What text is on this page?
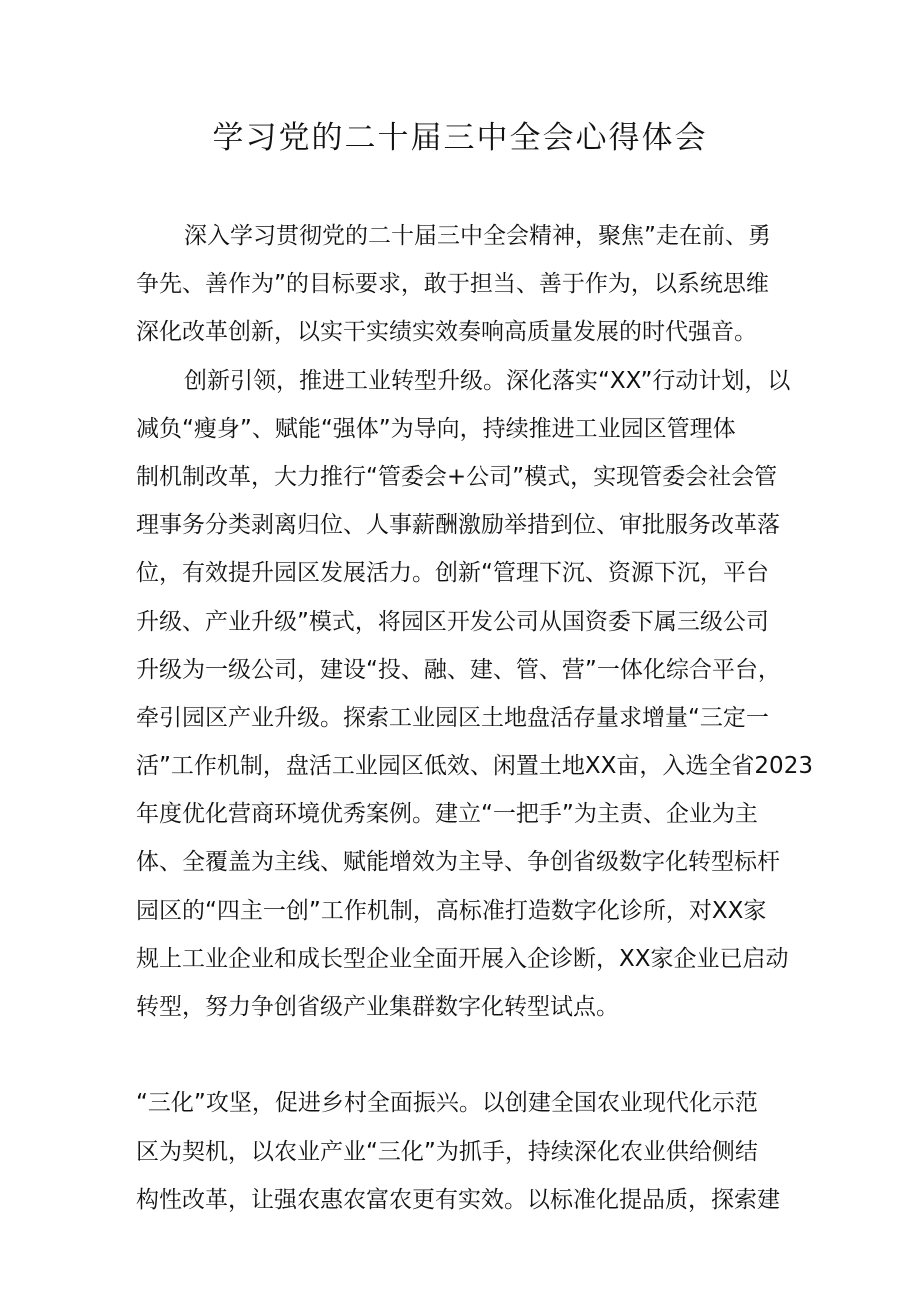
学习党的二十届三中全会心得体会

深入学习贯彻党的二十届三中全会精神，聚焦”走在前、勇
争先、善作为”的目标要求，敢于担当、善于作为，以系统思维
深化改革创新，以实干实绩实效奏响高质量发展的时代强音。

创新引领，推进工业转型升级。深化落实“XX”行动计划，以
减负“瘦身”、赋能“强体”为导向，持续推进工业园区管理体
制机制改革，大力推行“管委会+公司”模式，实现管委会社会管
理事务分类剥离归位、人事薪酬激励举措到位、审批服务改革落
位，有效提升园区发展活力。创新“管理下沉、资源下沉，平台
升级、产业升级”模式，将园区开发公司从国资委下属三级公司
升级为一级公司，建设“投、融、建、管、营”一体化综合平台，
牵引园区产业升级。探索工业园区土地盘活存量求增量“三定一
活”工作机制，盘活工业园区低效、闲置土地XX亩，入选全省2023
年度优化营商环境优秀案例。建立“一把手”为主责、企业为主
体、全覆盖为主线、赋能增效为主导、争创省级数字化转型标杆
园区的“四主一创”工作机制，高标准打造数字化诊所，对XX家
规上工业企业和成长型企业全面开展入企诊断，XX家企业已启动
转型，努力争创省级产业集群数字化转型试点。

“三化”攻坚，促进乡村全面振兴。以创建全国农业现代化示范
区为契机，以农业产业“三化”为抓手，持续深化农业供给侧结
构性改革，让强农惠农富农更有实效。以标准化提品质，探索建
